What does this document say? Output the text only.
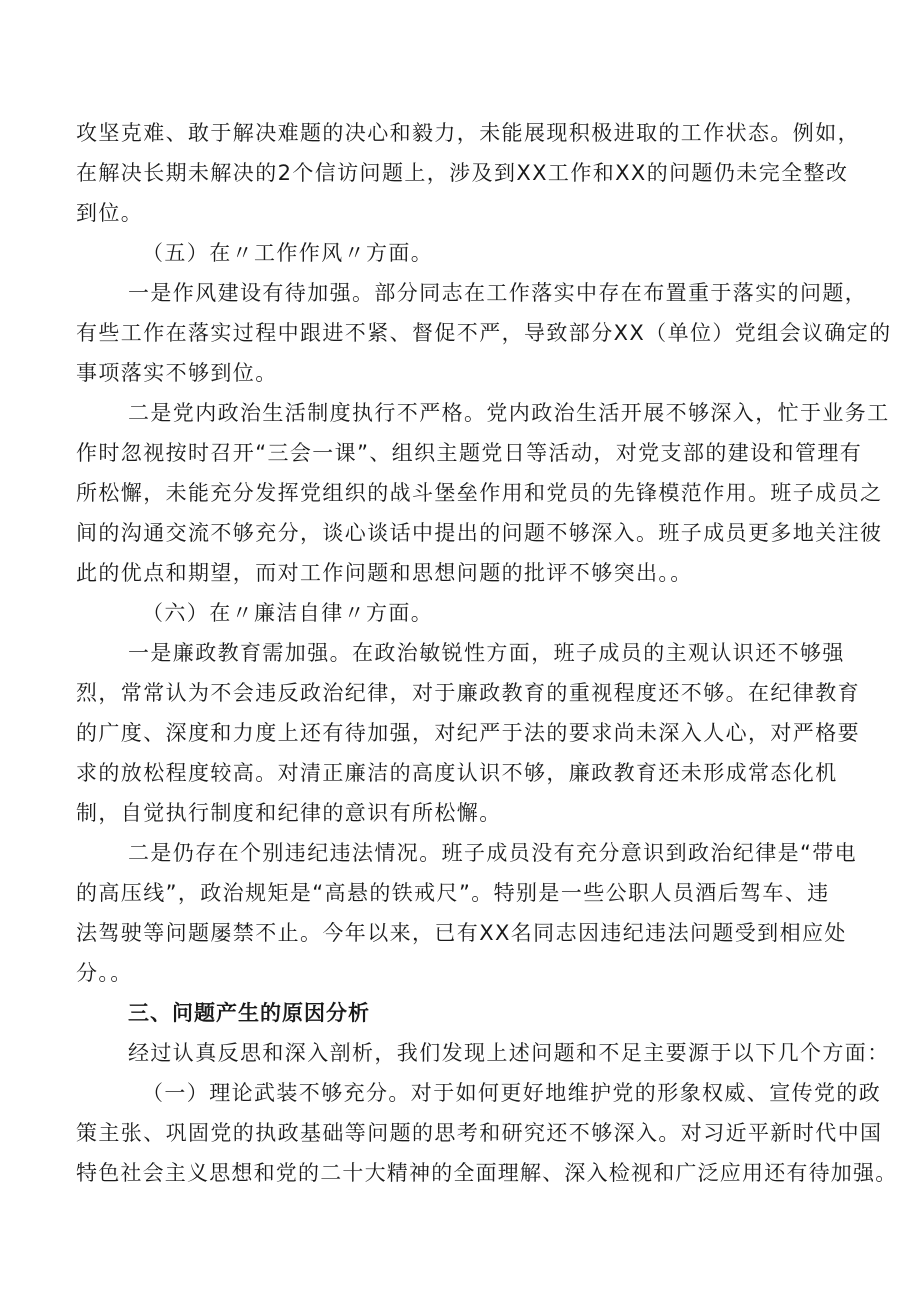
攻坚克难、敢于解决难题的决心和毅力，未能展现积极进取的工作状态。例如，
在解决长期未解决的2个信访问题上，涉及到XX工作和XX的问题仍未完全整改
到位。
（五）在〃工作作风〃方面。
一是作风建设有待加强。部分同志在工作落实中存在布置重于落实的问题，
有些工作在落实过程中跟进不紧、督促不严，导致部分XX（单位）党组会议确定的
事项落实不够到位。
二是党内政治生活制度执行不严格。党内政治生活开展不够深入，忙于业务工
作时忽视按时召开“三会一课”、组织主题党日等活动，对党支部的建设和管理有
所松懈，未能充分发挥党组织的战斗堡垒作用和党员的先锋模范作用。班子成员之
间的沟通交流不够充分，谈心谈话中提出的问题不够深入。班子成员更多地关注彼
此的优点和期望，而对工作问题和思想问题的批评不够突出。。
（六）在〃廉洁自律〃方面。
一是廉政教育需加强。在政治敏锐性方面，班子成员的主观认识还不够强
烈，常常认为不会违反政治纪律，对于廉政教育的重视程度还不够。在纪律教育
的广度、深度和力度上还有待加强，对纪严于法的要求尚未深入人心，对严格要
求的放松程度较高。对清正廉洁的高度认识不够，廉政教育还未形成常态化机
制，自觉执行制度和纪律的意识有所松懈。
二是仍存在个别违纪违法情况。班子成员没有充分意识到政治纪律是“带电
的高压线”，政治规矩是“高悬的铁戒尺”。特别是一些公职人员酒后驾车、违
法驾驶等问题屡禁不止。今年以来，已有XX名同志因违纪违法问题受到相应处
分。。
三、问题产生的原因分析
经过认真反思和深入剖析，我们发现上述问题和不足主要源于以下几个方面：
（一）理论武装不够充分。对于如何更好地维护党的形象权威、宣传党的政
策主张、巩固党的执政基础等问题的思考和研究还不够深入。对习近平新时代中国
特色社会主义思想和党的二十大精神的全面理解、深入检视和广泛应用还有待加强。
